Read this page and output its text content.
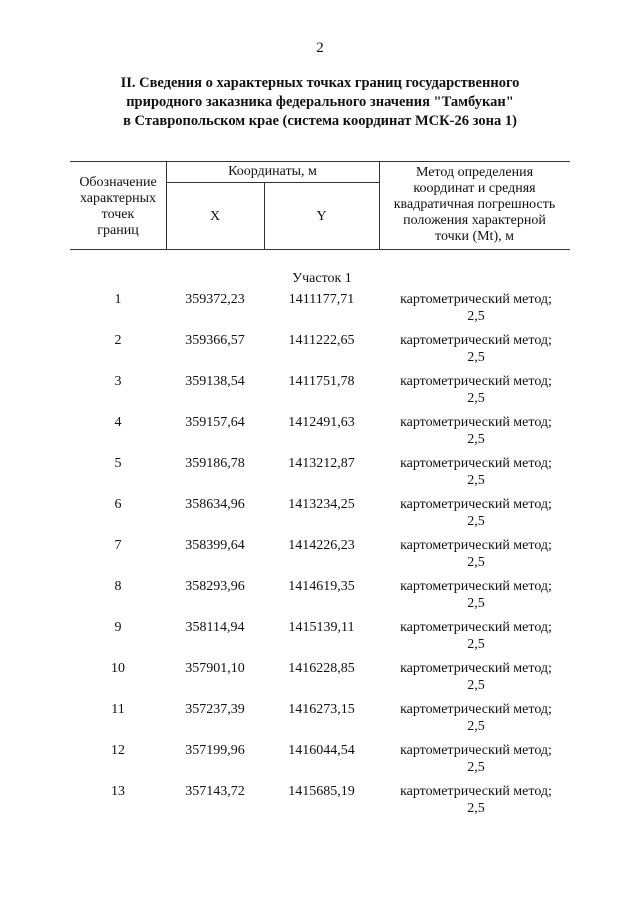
2
II. Сведения о характерных точках границ государственного
природного заказника федерального значения "Тамбукан"
в Ставропольском крае (система координат МСК-26 зона 1)
Обозначение
характерных
точек
границ
Координаты, м
X	Y
Метод определения
координат и средняя
квадратичная погрешность
положения характерной
точки (Mt), м
Участок 1
1	359372,23	1411177,71	картометрический метод;
2,5
2	359366,57	1411222,65	картометрический метод;
2,5
3	359138,54	1411751,78	картометрический метод;
2,5
4	359157,64	1412491,63	картометрический метод;
2,5
5	359186,78	1413212,87	картометрический метод;
2,5
6	358634,96	1413234,25	картометрический метод;
2,5
7	358399,64	1414226,23	картометрический метод;
2,5
8	358293,96	1414619,35	картометрический метод;
2,5
9	358114,94	1415139,11	картометрический метод;
2,5
10	357901,10	1416228,85	картометрический метод;
2,5
11	357237,39	1416273,15	картометрический метод;
2,5
12	357199,96	1416044,54	картометрический метод;
2,5
13	357143,72	1415685,19	картометрический метод;
2,5
